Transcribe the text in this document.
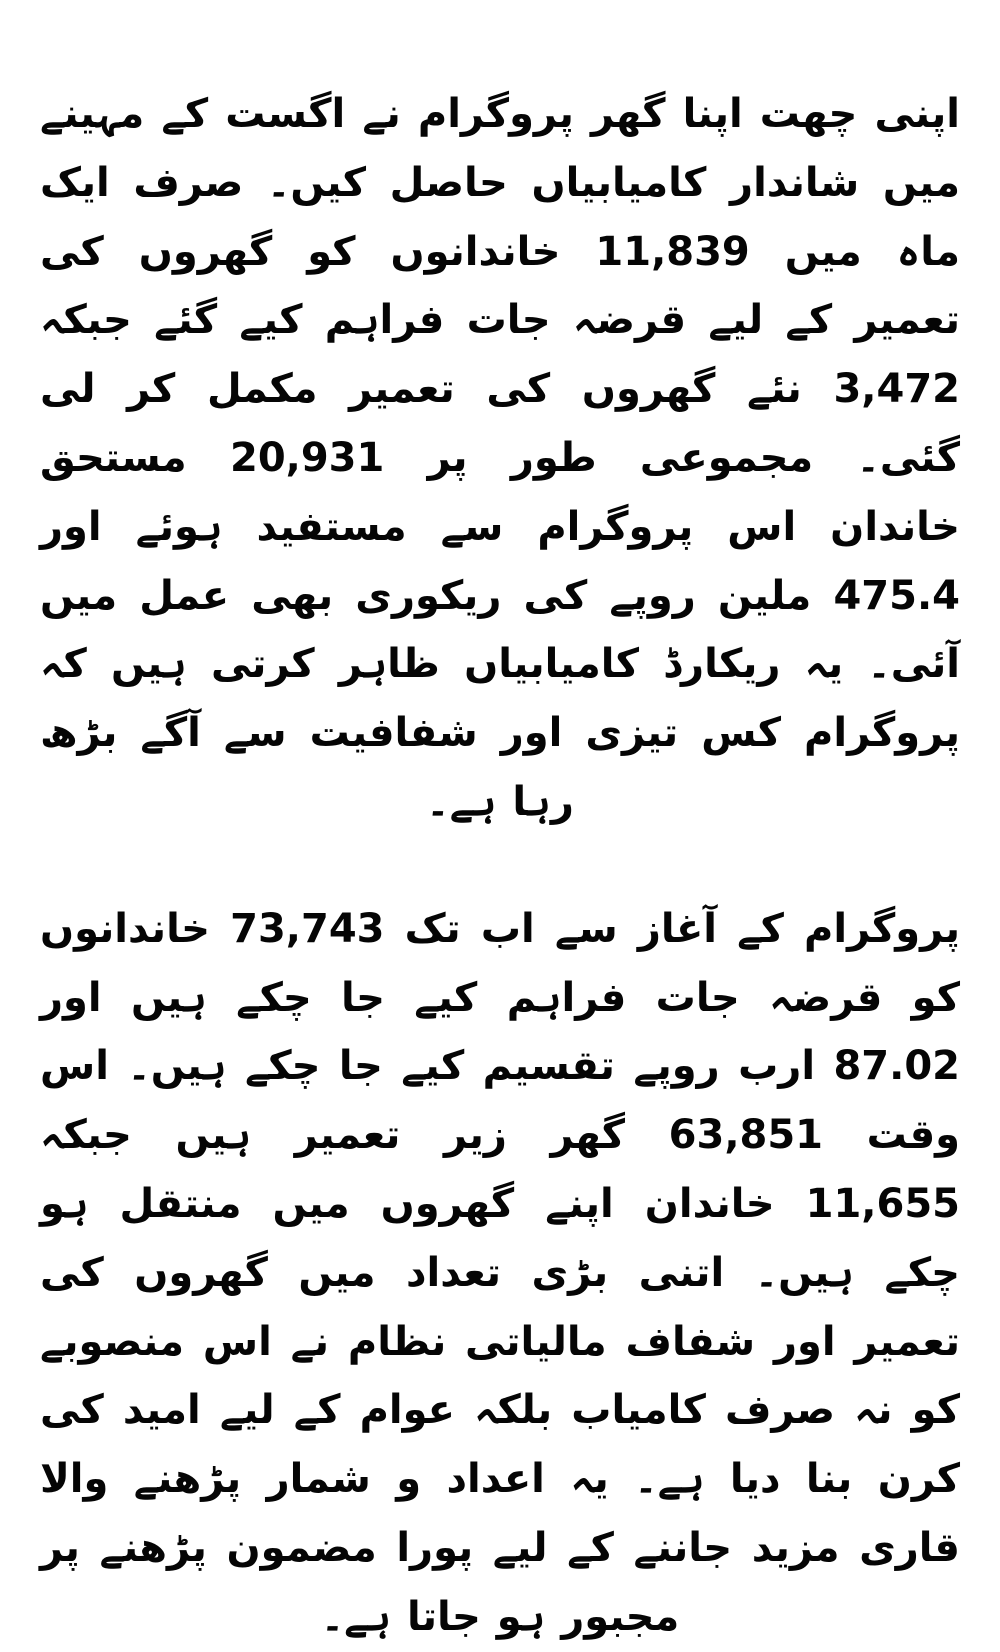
اپنی چھت اپنا گھر پروگرام نے اگست کے مہینے میں شاندار کامیابیاں حاصل کیں۔ صرف ایک ماہ میں 11,839 خاندانوں کو گھروں کی تعمیر کے لیے قرضہ جات فراہم کیے گئے جبکہ 3,472 نئے گھروں کی تعمیر مکمل کر لی گئی۔ مجموعی طور پر 20,931 مستحق خاندان اس پروگرام سے مستفید ہوئے اور 475.4 ملین روپے کی ریکوری بھی عمل میں آئی۔ یہ ریکارڈ کامیابیاں ظاہر کرتی ہیں کہ پروگرام کس تیزی اور شفافیت سے آگے بڑھ رہا ہے۔

پروگرام کے آغاز سے اب تک 73,743 خاندانوں کو قرضہ جات فراہم کیے جا چکے ہیں اور 87.02 ارب روپے تقسیم کیے جا چکے ہیں۔ اس وقت 63,851 گھر زیر تعمیر ہیں جبکہ 11,655 خاندان اپنے گھروں میں منتقل ہو چکے ہیں۔ اتنی بڑی تعداد میں گھروں کی تعمیر اور شفاف مالیاتی نظام نے اس منصوبے کو نہ صرف کامیاب بلکہ عوام کے لیے امید کی کرن بنا دیا ہے۔ یہ اعداد و شمار پڑھنے والا قاری مزید جاننے کے لیے پورا مضمون پڑھنے پر مجبور ہو جاتا ہے۔
